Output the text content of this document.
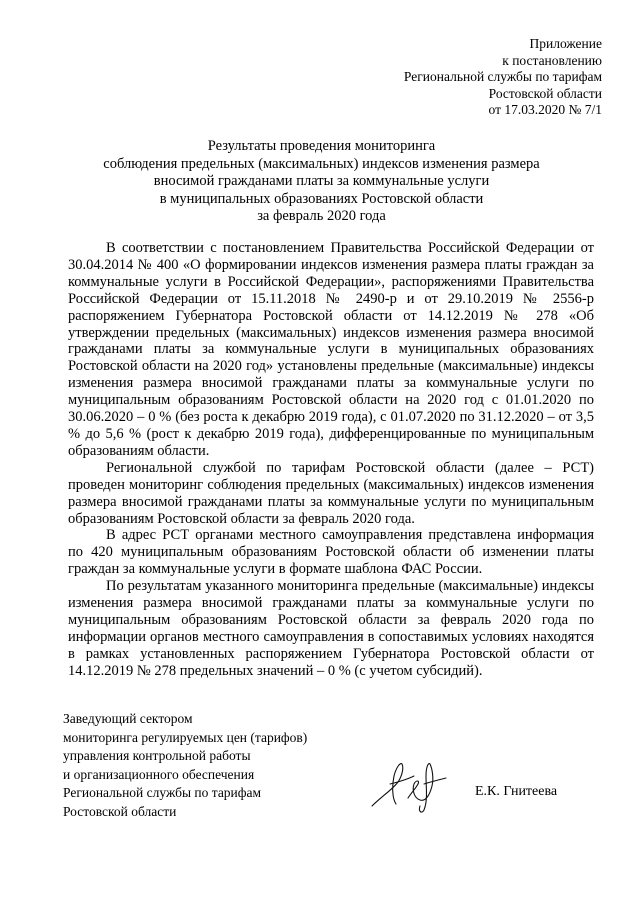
Приложение
к постановлению
Региональной службы по тарифам
Ростовской области
от 17.03.2020 № 7/1
Результаты проведения мониторинга
соблюдения предельных (максимальных) индексов изменения размера
вносимой гражданами платы за коммунальные услуги
в муниципальных образованиях Ростовской области
за февраль 2020 года

В соответствии с постановлением Правительства Российской Федерации от 30.04.2014 № 400 «О формировании индексов изменения размера платы граждан за коммунальные услуги в Российской Федерации», распоряжениями Правительства Российской Федерации от 15.11.2018 № 2490-р и от 29.10.2019 № 2556-р распоряжением Губернатора Ростовской области от 14.12.2019 № 278 «Об утверждении предельных (максимальных) индексов изменения размера вносимой гражданами платы за коммунальные услуги в муниципальных образованиях Ростовской области на 2020 год» установлены предельные (максимальные) индексы изменения размера вносимой гражданами платы за коммунальные услуги по муниципальным образованиям Ростовской области на 2020 год с 01.01.2020 по 30.06.2020 – 0 % (без роста к декабрю 2019 года), с 01.07.2020 по 31.12.2020 – от 3,5 % до 5,6 % (рост к декабрю 2019 года), дифференцированные по муниципальным образованиям области.

Региональной службой по тарифам Ростовской области (далее – РСТ) проведен мониторинг соблюдения предельных (максимальных) индексов изменения размера вносимой гражданами платы за коммунальные услуги по муниципальным образованиям Ростовской области за февраль 2020 года.

В адрес РСТ органами местного самоуправления представлена информация по 420 муниципальным образованиям Ростовской области об изменении платы граждан за коммунальные услуги в формате шаблона ФАС России.

По результатам указанного мониторинга предельные (максимальные) индексы изменения размера вносимой гражданами платы за коммунальные услуги по муниципальным образованиям Ростовской области за февраль 2020 года по информации органов местного самоуправления в сопоставимых условиях находятся в рамках установленных распоряжением Губернатора Ростовской области от 14.12.2019 № 278 предельных значений – 0 % (с учетом субсидий).

Заведующий сектором
мониторинга регулируемых цен (тарифов)
управления контрольной работы
и организационного обеспечения
Региональной службы по тарифам
Ростовской области
Е.К. Гнитеева
